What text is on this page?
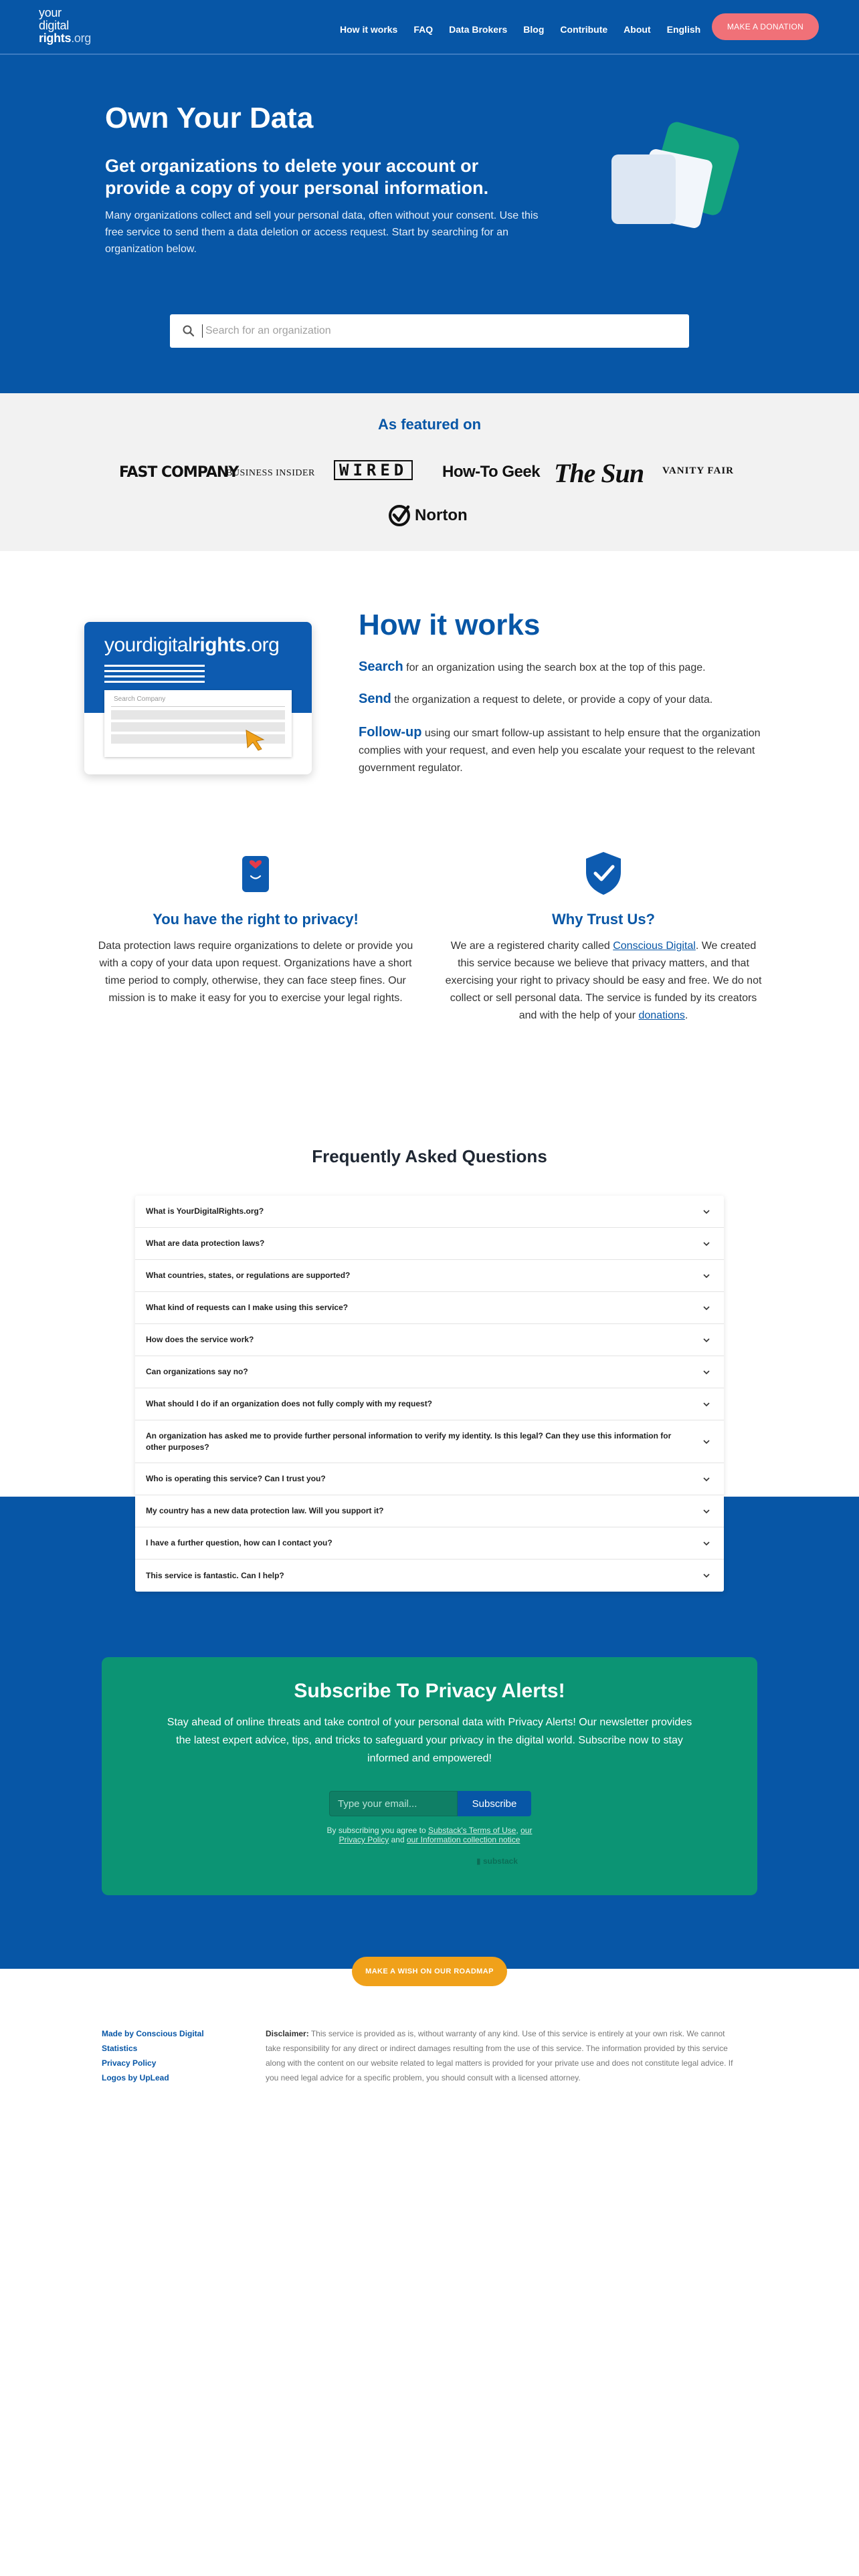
your
digital
rights.org
How it works FAQ Data Brokers Blog Contribute About English	MAKE A DONATION
Own Your Data
Get organizations to delete your account or provide a copy of your personal information.

Many organizations collect and sell your personal data, often without your consent. Use this free service to send them a data deletion or access request. Start by searching for an organization below.

Search for an organization
As featured on
FAST COMPANY
BUSINESS INSIDER	WIRED	How-To Geek The Sun VANITY FAIR
Norton
yourdigitalrights.org
Search Company
How it works

Search for an organization using the search box at the top of this page.

Send the organization a request to delete, or provide a copy of your data.

Follow-up using our smart follow-up assistant to help ensure that the organization complies with your request, and even help you escalate your request to the relevant government regulator.

You have the right to privacy!

Data protection laws require organizations to delete or provide you with a copy of your data upon request. Organizations have a short time period to comply, otherwise, they can face steep fines. Our mission is to make it easy for you to exercise your legal rights.

Why Trust Us?

We are a registered charity called Conscious Digital. We created this service because we believe that privacy matters, and that exercising your right to privacy should be easy and free. We do not collect or sell personal data. The service is funded by its creators and with the help of your donations.

Frequently Asked Questions
What is YourDigitalRights.org?
What are data protection laws?
What countries, states, or regulations are supported?
What kind of requests can I make using this service?
How does the service work?
Can organizations say no?
What should I do if an organization does not fully comply with my request?
An organization has asked me to provide further personal information to verify my identity. Is this legal? Can they use this information for other purposes?
Who is operating this service? Can I trust you?
My country has a new data protection law. Will you support it?
I have a further question, how can I contact you?
This service is fantastic. Can I help?
Subscribe To Privacy Alerts!

Stay ahead of online threats and take control of your personal data with Privacy Alerts! Our newsletter provides the latest expert advice, tips, and tricks to safeguard your privacy in the digital world. Subscribe now to stay informed and empowered!

Type your email...
Subscribe
By subscribing you agree to Substack's Terms of Use, our Privacy Policy and our Information collection notice
▮ substack
MAKE A WISH ON OUR ROADMAP
Made by Conscious Digital
Statistics
Privacy Policy
Logos by UpLead

Disclaimer: This service is provided as is, without warranty of any kind. Use of this service is entirely at your own risk. We cannot take responsibility for any direct or indirect damages resulting from the use of this service. The information provided by this service along with the content on our website related to legal matters is provided for your private use and does not constitute legal advice. If you need legal advice for a specific problem, you should consult with a licensed attorney.
